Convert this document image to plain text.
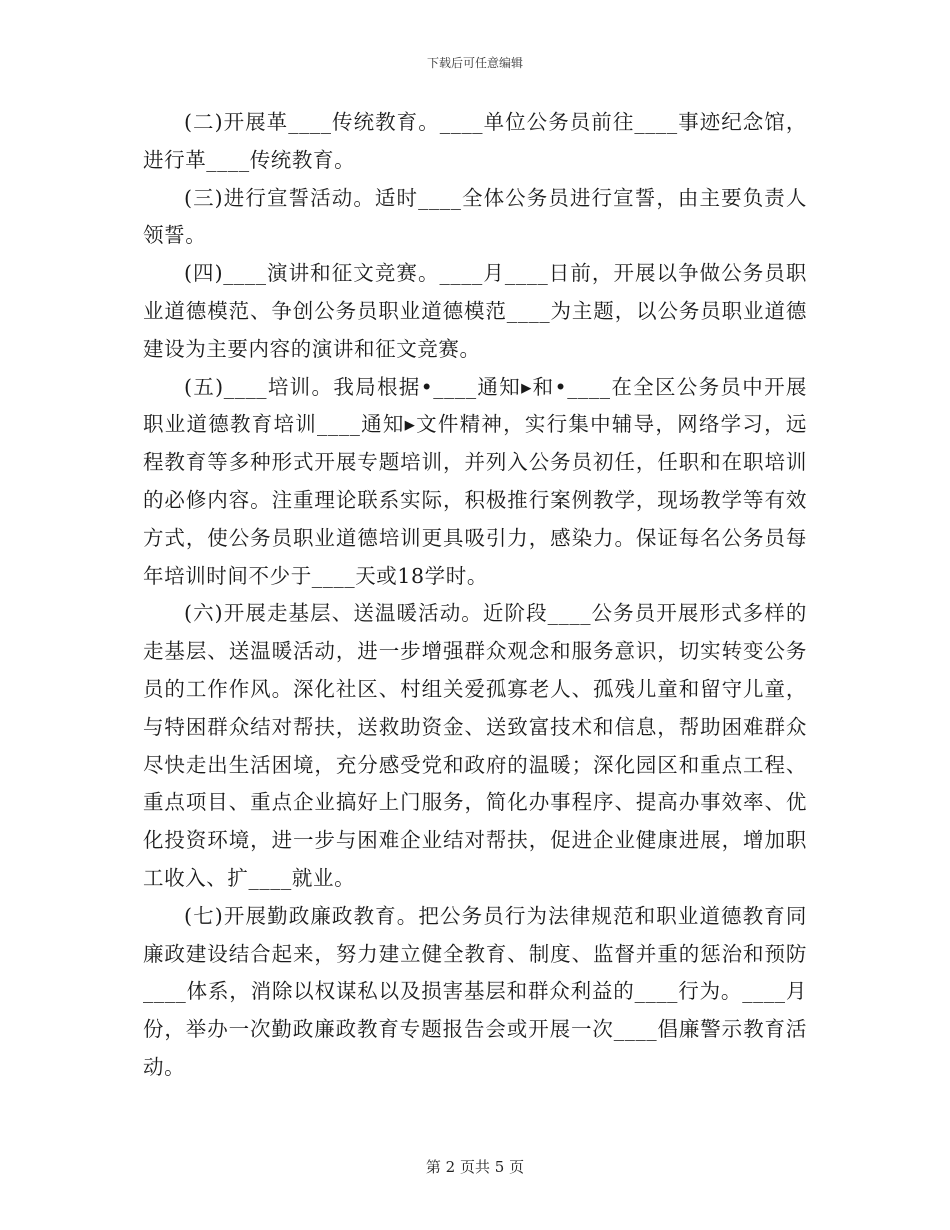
下载后可任意编辑

(二)开展革____传统教育。____单位公务员前往____事迹纪念馆，进行革____传统教育。

(三)进行宣誓活动。适时____全体公务员进行宣誓，由主要负责人领誓。

(四)____演讲和征文竞赛。____月____日前，开展以争做公务员职业道德模范、争创公务员职业道德模范____为主题，以公务员职业道德建设为主要内容的演讲和征文竞赛。

(五)____培训。我局根据•____通知▸和•____在全区公务员中开展职业道德教育培训____通知▸文件精神，实行集中辅导，网络学习，远程教育等多种形式开展专题培训，并列入公务员初任，任职和在职培训的必修内容。注重理论联系实际，积极推行案例教学，现场教学等有效方式，使公务员职业道德培训更具吸引力，感染力。保证每名公务员每年培训时间不少于____天或18学时。

(六)开展走基层、送温暖活动。近阶段____公务员开展形式多样的走基层、送温暖活动，进一步增强群众观念和服务意识，切实转变公务员的工作作风。深化社区、村组关爱孤寡老人、孤残儿童和留守儿童，与特困群众结对帮扶，送救助资金、送致富技术和信息，帮助困难群众尽快走出生活困境，充分感受党和政府的温暖；深化园区和重点工程、重点项目、重点企业搞好上门服务，简化办事程序、提高办事效率、优化投资环境，进一步与困难企业结对帮扶，促进企业健康进展，增加职工收入、扩____就业。

(七)开展勤政廉政教育。把公务员行为法律规范和职业道德教育同廉政建设结合起来，努力建立健全教育、制度、监督并重的惩治和预防____体系，消除以权谋私以及损害基层和群众利益的____行为。____月份，举办一次勤政廉政教育专题报告会或开展一次____倡廉警示教育活动。

第 2 页共 5 页
